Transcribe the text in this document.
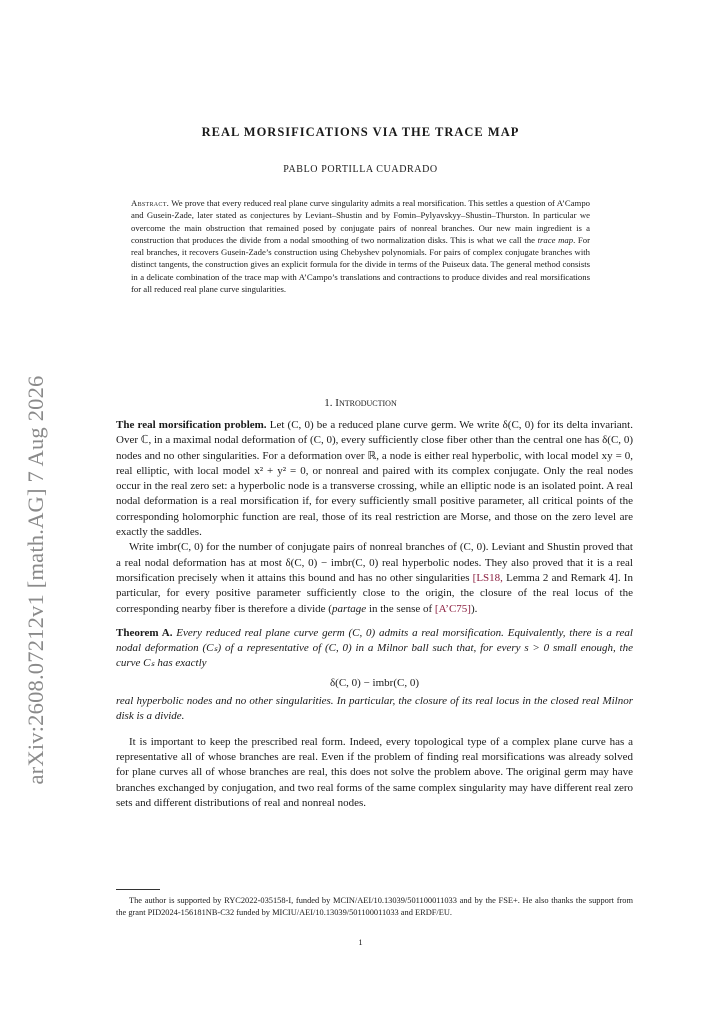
arXiv:2608.07212v1 [math.AG] 7 Aug 2026
REAL MORSIFICATIONS VIA THE TRACE MAP
PABLO PORTILLA CUADRADO
Abstract. We prove that every reduced real plane curve singularity admits a real morsification. This settles a question of A’Campo and Gusein-Zade, later stated as conjectures by Leviant–Shustin and by Fomin–Pylyavskyy–Shustin–Thurston. In particular we overcome the main obstruction that remained posed by conjugate pairs of nonreal branches. Our new main ingredient is a construction that produces the divide from a nodal smoothing of two normalization disks. This is what we call the trace map. For real branches, it recovers Gusein-Zade’s construction using Chebyshev polynomials. For pairs of complex conjugate branches with distinct tangents, the construction gives an explicit formula for the divide in terms of the Puiseux data. The general method consists in a delicate combination of the trace map with A’Campo’s translations and contractions to produce divides and real morsifications for all reduced real plane curve singularities.
1. Introduction

The real morsification problem. Let (C, 0) be a reduced plane curve germ. We write δ(C, 0) for its delta invariant. Over ℂ, in a maximal nodal deformation of (C, 0), every sufficiently close fiber other than the central one has δ(C, 0) nodes and no other singularities. For a deformation over ℝ, a node is either real hyperbolic, with local model xy = 0, real elliptic, with local model x² + y² = 0, or nonreal and paired with its complex conjugate. Only the real nodes occur in the real zero set: a hyperbolic node is a transverse crossing, while an elliptic node is an isolated point. A real nodal deformation is a real morsification if, for every sufficiently small positive parameter, all critical points of the corresponding holomorphic function are real, those of its real restriction are Morse, and those on the zero level are exactly the saddles.

Write imbr(C, 0) for the number of conjugate pairs of nonreal branches of (C, 0). Leviant and Shustin proved that a real nodal deformation has at most δ(C, 0) − imbr(C, 0) real hyperbolic nodes. They also proved that it is a real morsification precisely when it attains this bound and has no other singularities [LS18, Lemma 2 and Remark 4]. In particular, for every positive parameter sufficiently close to the origin, the closure of the real locus of the corresponding nearby fiber is therefore a divide (partage in the sense of [A’C75]).

Theorem A. Every reduced real plane curve germ (C, 0) admits a real morsification. Equivalently, there is a real nodal deformation (Cₛ) of a representative of (C, 0) in a Milnor ball such that, for every s > 0 small enough, the curve Cₛ has exactly

δ(C, 0) − imbr(C, 0)

real hyperbolic nodes and no other singularities. In particular, the closure of its real locus in the closed real Milnor disk is a divide.

It is important to keep the prescribed real form. Indeed, every topological type of a complex plane curve has a representative all of whose branches are real. Even if the problem of finding real morsifications was already solved for plane curves all of whose branches are real, this does not solve the problem above. The original germ may have branches exchanged by conjugation, and two real forms of the same complex singularity may have different real zero sets and different distributions of real and nonreal nodes.

The author is supported by RYC2022-035158-I, funded by MCIN/AEI/10.13039/501100011033 and by the FSE+. He also thanks the support from the grant PID2024-156181NB-C32 funded by MICIU/AEI/10.13039/501100011033 and ERDF/EU.
1
